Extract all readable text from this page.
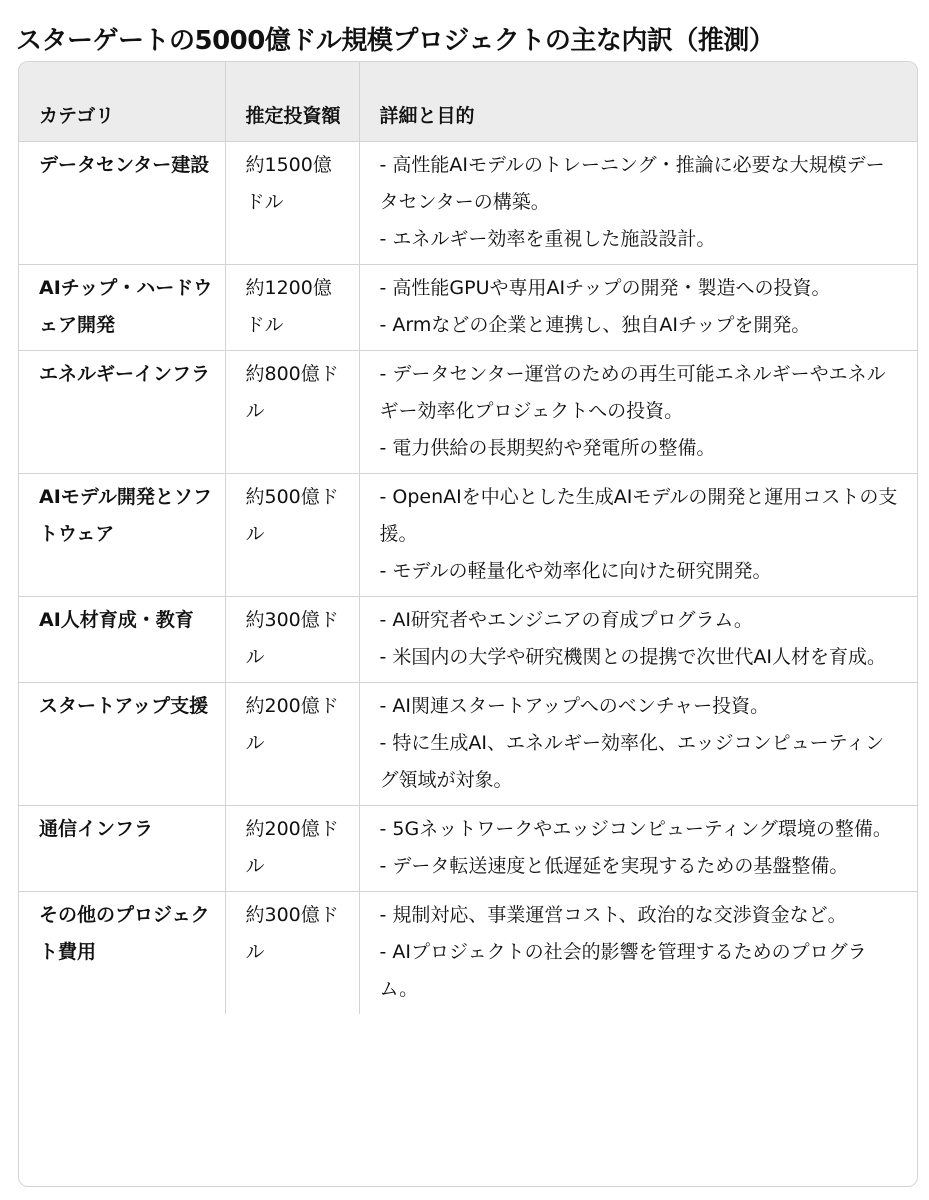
スターゲートの5000億ドル規模プロジェクトの主な内訳（推測）
カテゴリ	推定投資額	詳細と目的
データセンター建設	約1500億ドル	- 高性能AIモデルのトレーニング・推論に必要な大規模データセンターの構築。
- エネルギー効率を重視した施設設計。

AIチップ・ハードウェア開発	約1200億ドル	- 高性能GPUや専用AIチップの開発・製造への投資。
- Armなどの企業と連携し、独自AIチップを開発。

エネルギーインフラ	約800億ドル	- データセンター運営のための再生可能エネルギーやエネルギー効率化プロジェクトへの投資。
- 電力供給の長期契約や発電所の整備。

AIモデル開発とソフトウェア	約500億ドル	- OpenAIを中心とした生成AIモデルの開発と運用コストの支援。
- モデルの軽量化や効率化に向けた研究開発。

AI人材育成・教育	約300億ドル	- AI研究者やエンジニアの育成プログラム。
- 米国内の大学や研究機関との提携で次世代AI人材を育成。

スタートアップ支援	約200億ドル	- AI関連スタートアップへのベンチャー投資。
- 特に生成AI、エネルギー効率化、エッジコンピューティング領域が対象。

通信インフラ	約200億ドル	- 5Gネットワークやエッジコンピューティング環境の整備。
- データ転送速度と低遅延を実現するための基盤整備。

その他のプロジェクト費用	約300億ドル	- 規制対応、事業運営コスト、政治的な交渉資金など。
- AIプロジェクトの社会的影響を管理するためのプログラム。
